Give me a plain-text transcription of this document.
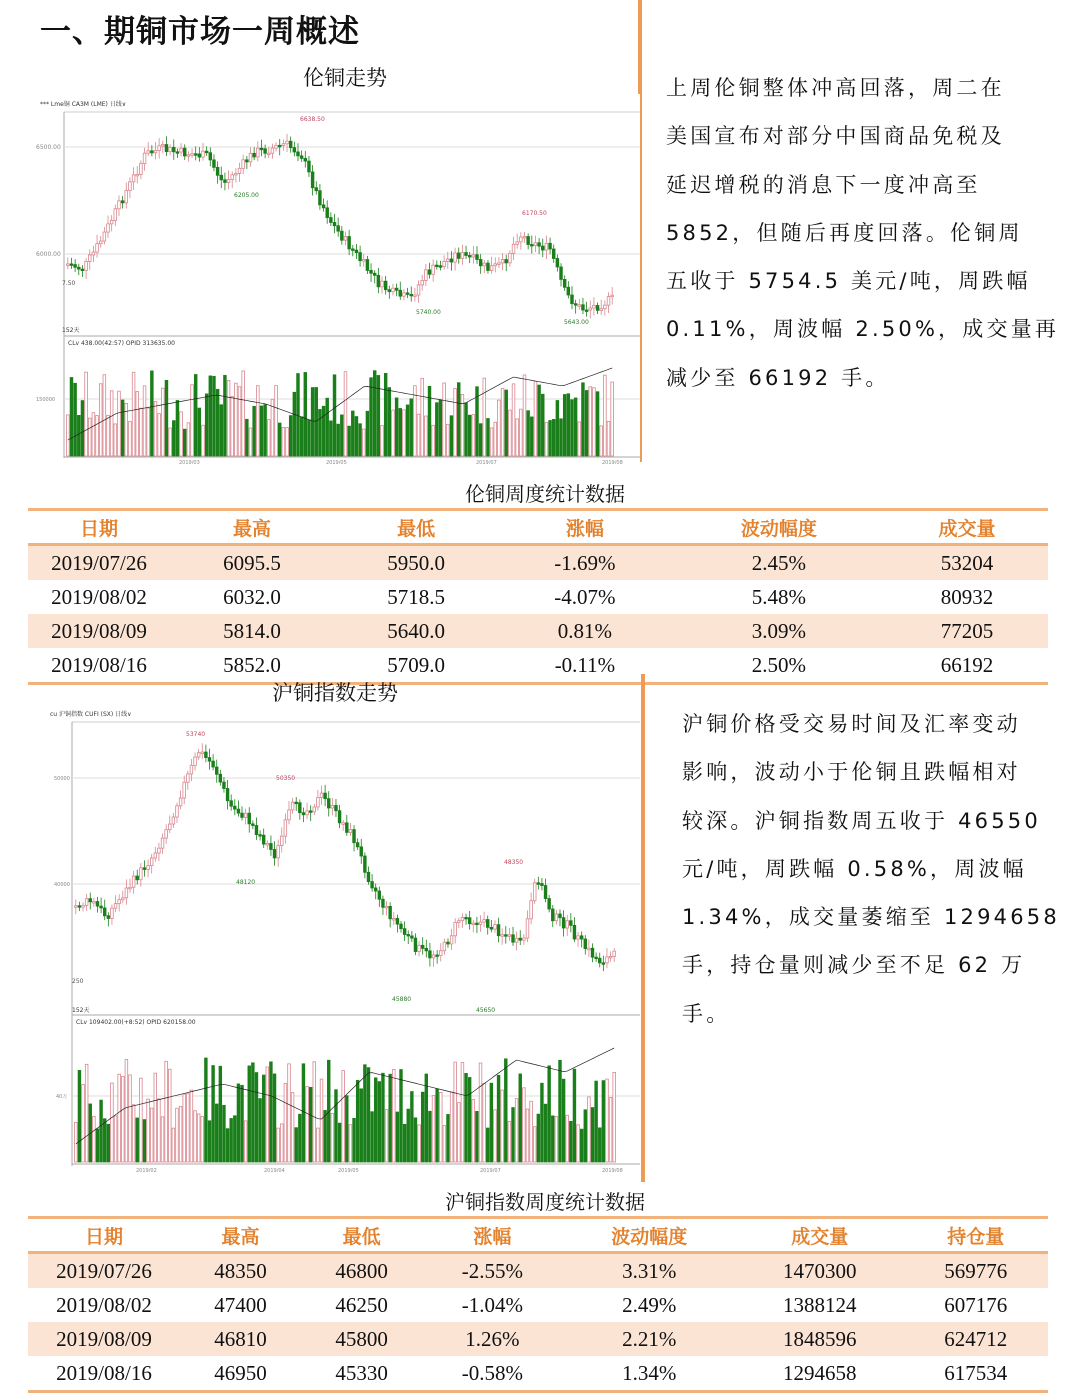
一、期铜市场一周概述
伦铜走势
*** Lme铜 CA3M (LME) 日线∨
6500.00
6000.00
6638.50
6205.00
6170.50
5740.00
5643.00
7.50
152天
CLv 438.00(42:57) OPID 313635.00
150000
2019/03	2019/05	2019/07	2019/08
上周伦铜整体冲高回落，周二在
美国宣布对部分中国商品免税及
延迟增税的消息下一度冲高至
5852，但随后再度回落。伦铜周
五收于 5754.5 美元/吨，周跌幅
0.11%，周波幅 2.50%，成交量再
减少至 66192 手。
伦铜周度统计数据
日期	最高	最低	涨幅	波动幅度	成交量
2019/07/26	6095.5	5950.0	-1.69%	2.45%	53204
2019/08/02	6032.0	5718.5	-4.07%	5.48%	80932
2019/08/09	5814.0	5640.0	0.81%	3.09%	77205
2019/08/16	5852.0	5709.0	-0.11%	2.50%	66192
沪铜指数走势
cu 沪铜指数 CUFI (SX) 日线∨
50000
40000
53740
50350
48120
48350
45880
45650
250
152天
CLv 109402.00(+8:52) OPID 620158.00
40万
2019/02	2019/04	2019/05	2019/07	2019/08
沪铜价格受交易时间及汇率变动
影响，波动小于伦铜且跌幅相对
较深。沪铜指数周五收于 46550
元/吨，周跌幅 0.58%，周波幅
1.34%，成交量萎缩至 1294658
手，持仓量则减少至不足 62 万
手。
沪铜指数周度统计数据
日期	最高	最低	涨幅	波动幅度	成交量	持仓量
2019/07/26	48350	46800	-2.55%	3.31%	1470300	569776
2019/08/02	47400	46250	-1.04%	2.49%	1388124	607176
2019/08/09	46810	45800	1.26%	2.21%	1848596	624712
2019/08/16	46950	45330	-0.58%	1.34%	1294658	617534
